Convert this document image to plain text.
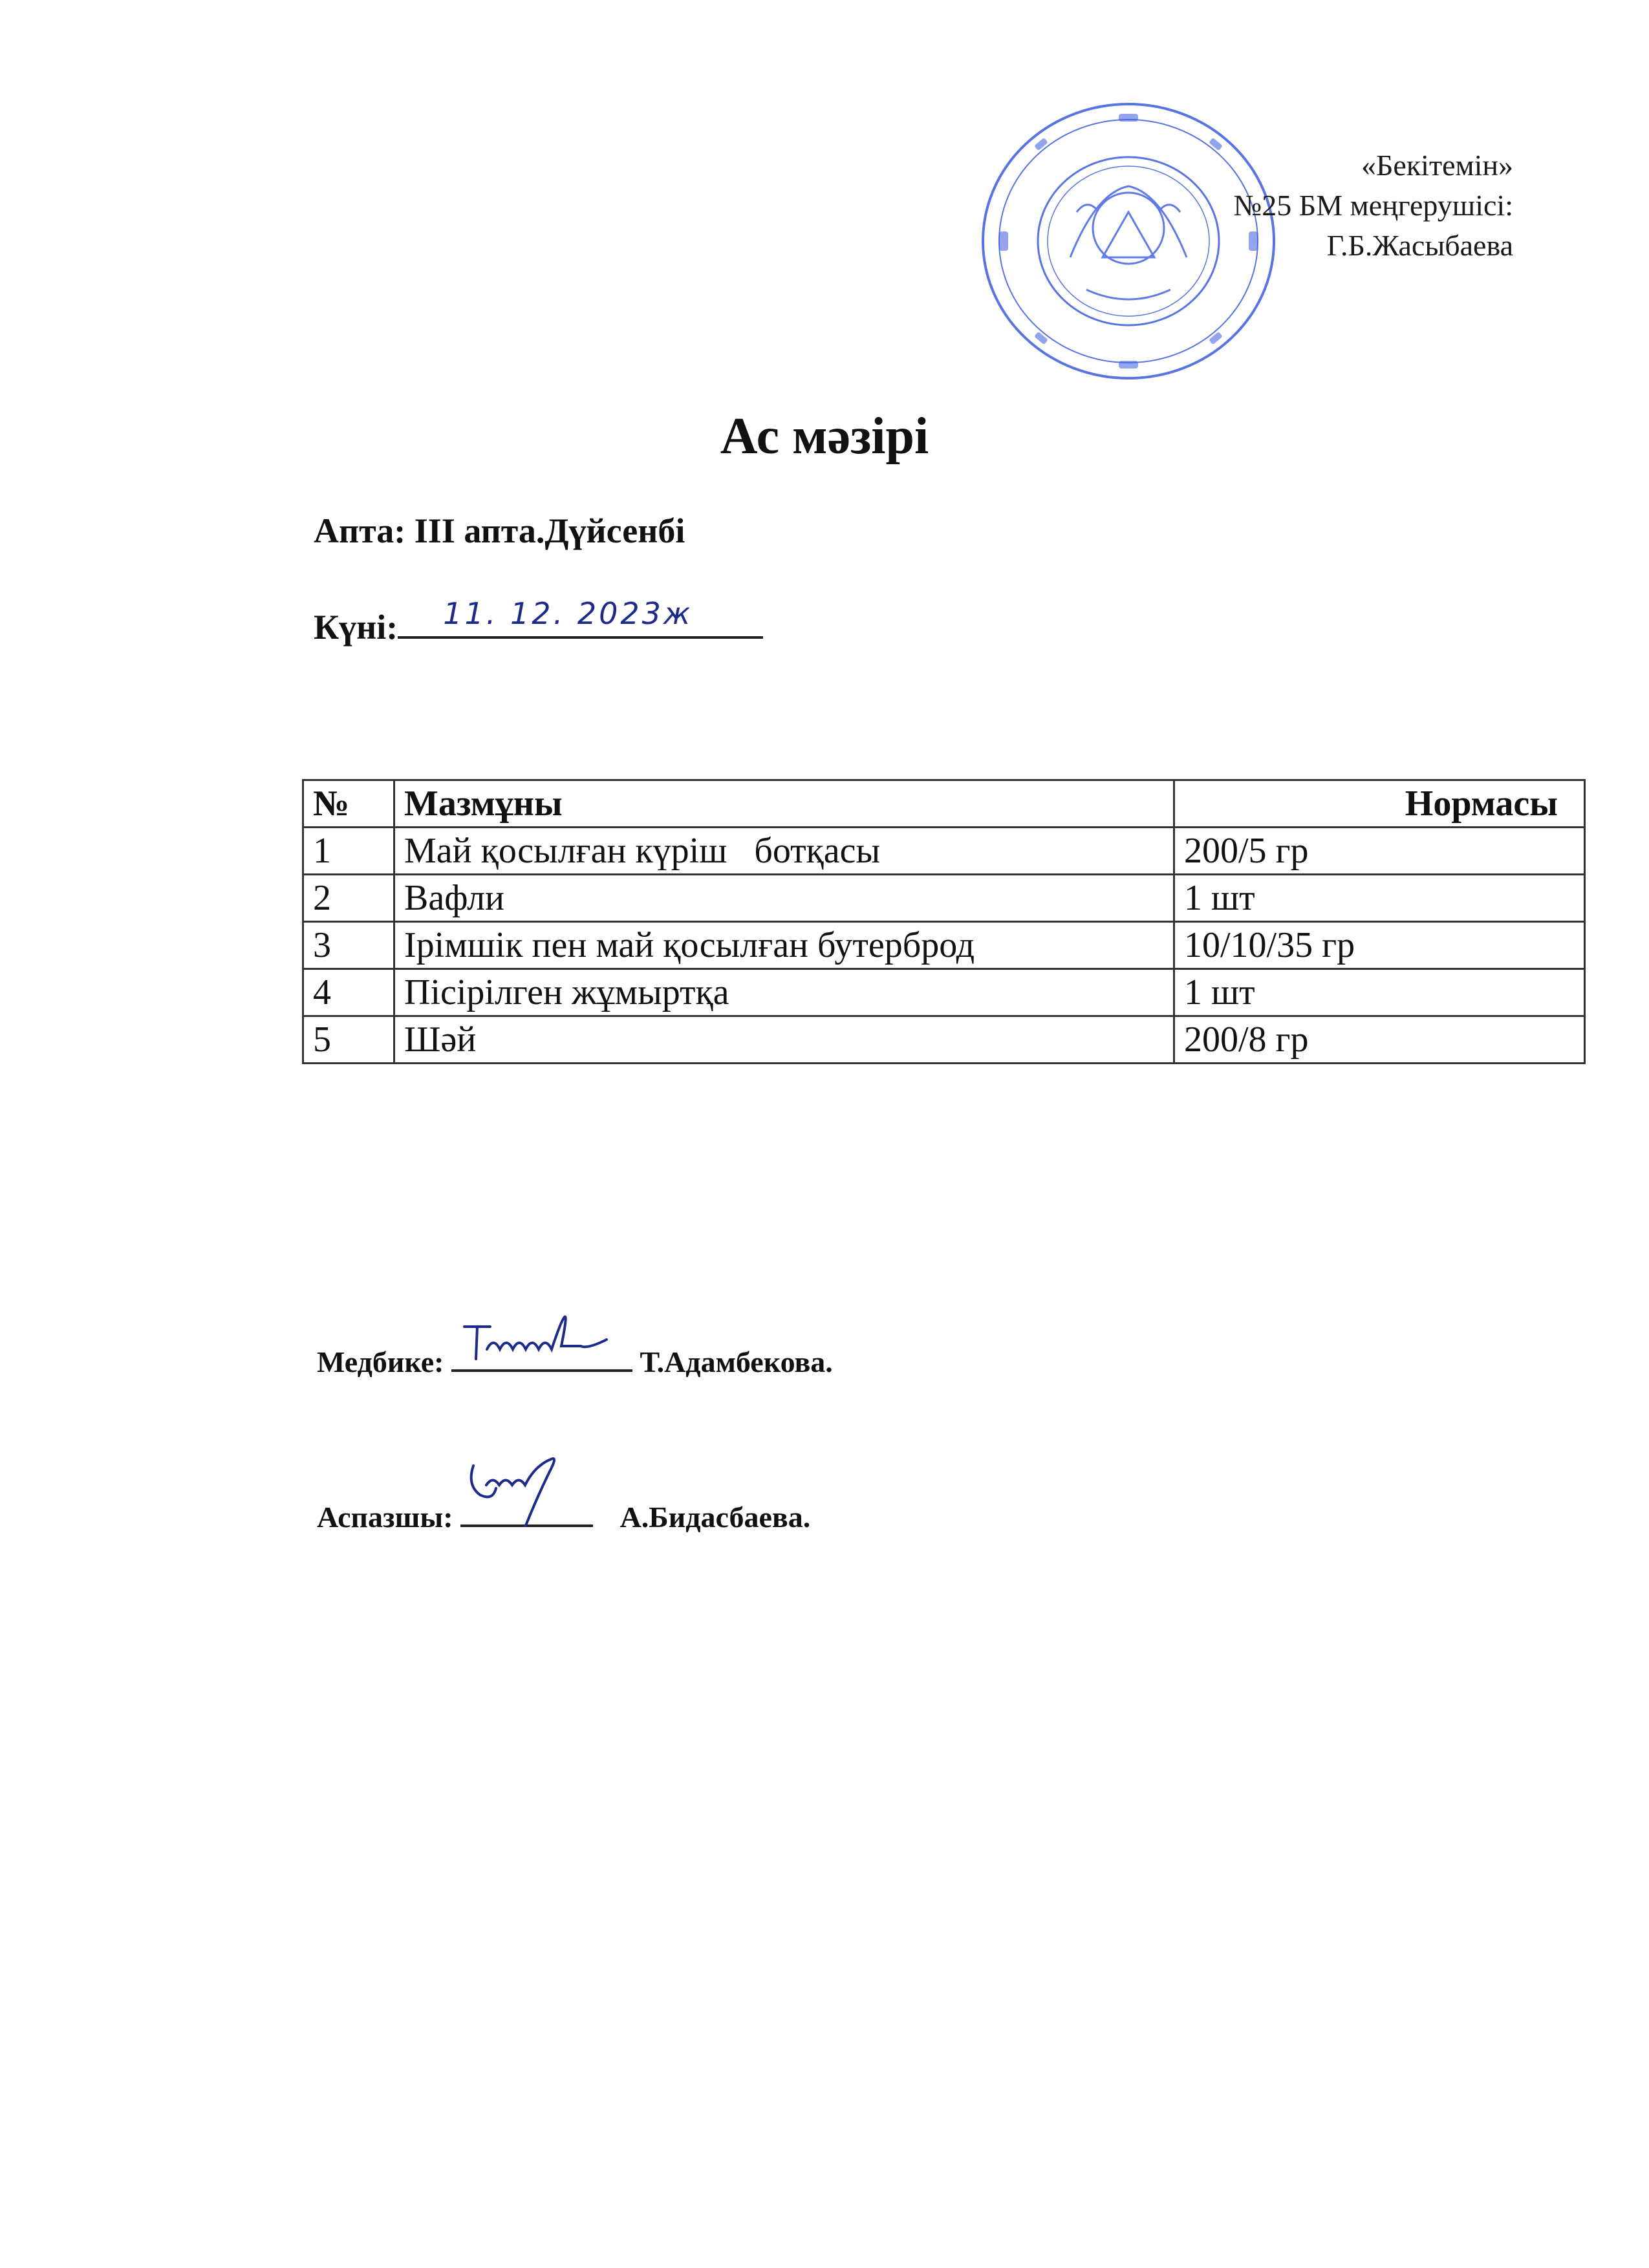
«Бекітемін»
№25 БМ меңгерушісі:
Г.Б.Жасыбаева
Ас мәзірі
Апта: ІІІ апта.Дүйсенбі
Күні: 11. 12. 2023ж
№	Мазмұны	Нормасы
1	Май қосылған күріш   ботқасы	200/5 гр
2	Вафли	1 шт
3	Ірімшік пен май қосылған бутерброд	10/10/35 гр
4	Пісірілген жұмыртқа	1 шт
5	Шәй	200/8 гр
Медбике:	Т.Адамбекова.
Аспазшы:	А.Бидасбаева.
